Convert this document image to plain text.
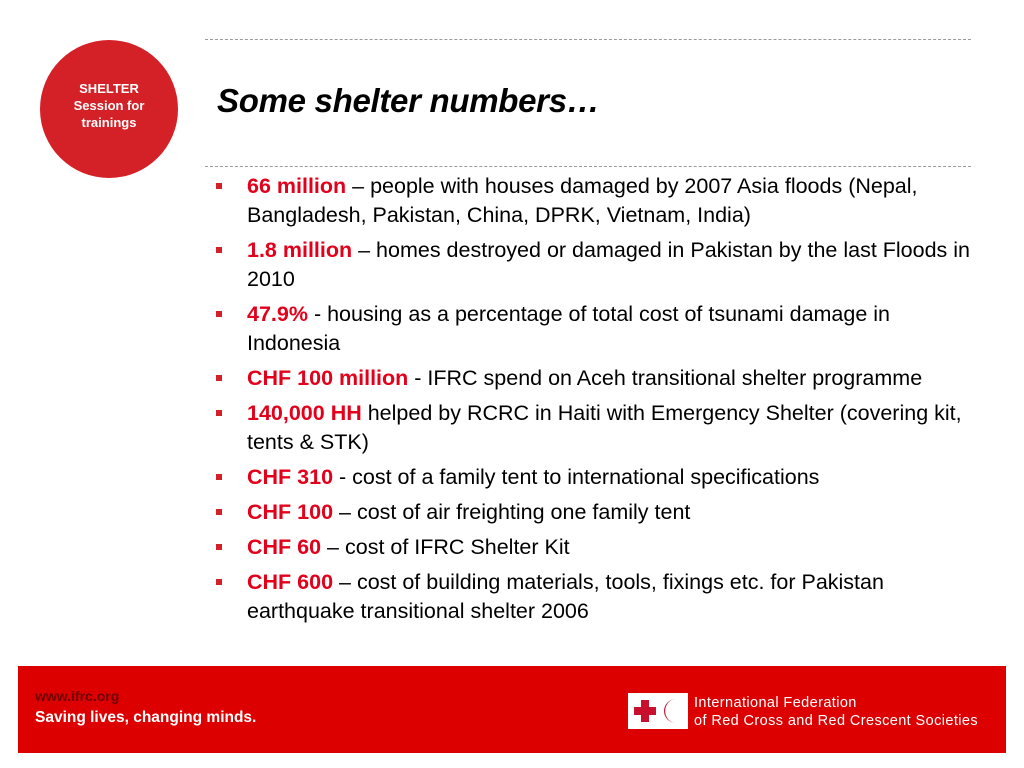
SHELTER
Session for
trainings
Some shelter numbers…
66 million – people with houses damaged by 2007 Asia floods (Nepal, Bangladesh, Pakistan, China, DPRK, Vietnam, India)
1.8 million – homes destroyed or damaged in Pakistan by the last Floods in 2010
47.9% - housing as a percentage of total cost of tsunami damage in Indonesia
CHF 100 million - IFRC spend on Aceh transitional shelter programme
140,000 HH helped by RCRC in Haiti with Emergency Shelter (covering kit, tents & STK)
CHF 310 - cost of a family tent to international specifications
CHF 100 – cost of air freighting one family tent
CHF 60 – cost of IFRC Shelter Kit
CHF 600 – cost of building materials, tools, fixings etc. for Pakistan earthquake transitional shelter 2006
www.ifrc.org
Saving lives, changing minds.
International Federation
of Red Cross and Red Crescent Societies
